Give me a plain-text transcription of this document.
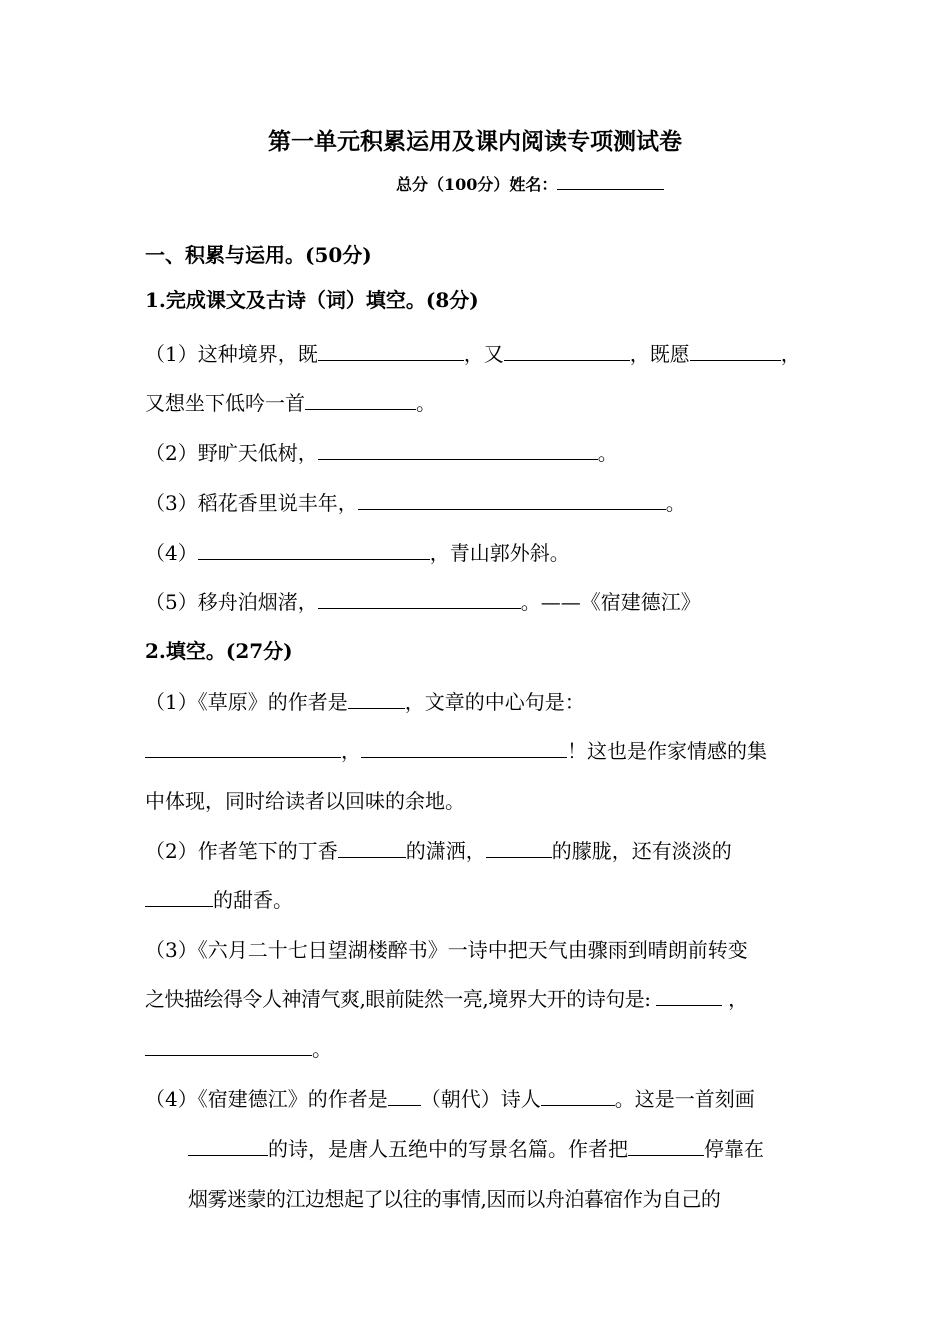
第一单元积累运用及课内阅读专项测试卷
总分（100分）姓名：
一、积累与运用。(50分)
1.完成课文及古诗（词）填空。(8分)
（1）这种境界，既	，又	，既愿	，
又想坐下低吟一首	。
（2）野旷天低树，	。
（3）稻花香里说丰年，	。
（4）	，青山郭外斜。
（5）移舟泊烟渚，	。——《宿建德江》
2.填空。(27分)
（1）《草原》的作者是	，文章的中心句是：
，	！这也是作家情感的集
中体现，同时给读者以回味的余地。
（2）作者笔下的丁香	的潇洒，	的朦胧，还有淡淡的
的甜香。
（3）《六月二十七日望湖楼醉书》一诗中把天气由骤雨到晴朗前转变
之快描绘得令人神清气爽,眼前陡然一亮,境界大开的诗句是:	，
。
（4）《宿建德江》的作者是 （朝代）诗人	。这是一首刻画
的诗，是唐人五绝中的写景名篇。作者把	停靠在
烟雾迷蒙的江边想起了以往的事情,因而以舟泊暮宿作为自己的
